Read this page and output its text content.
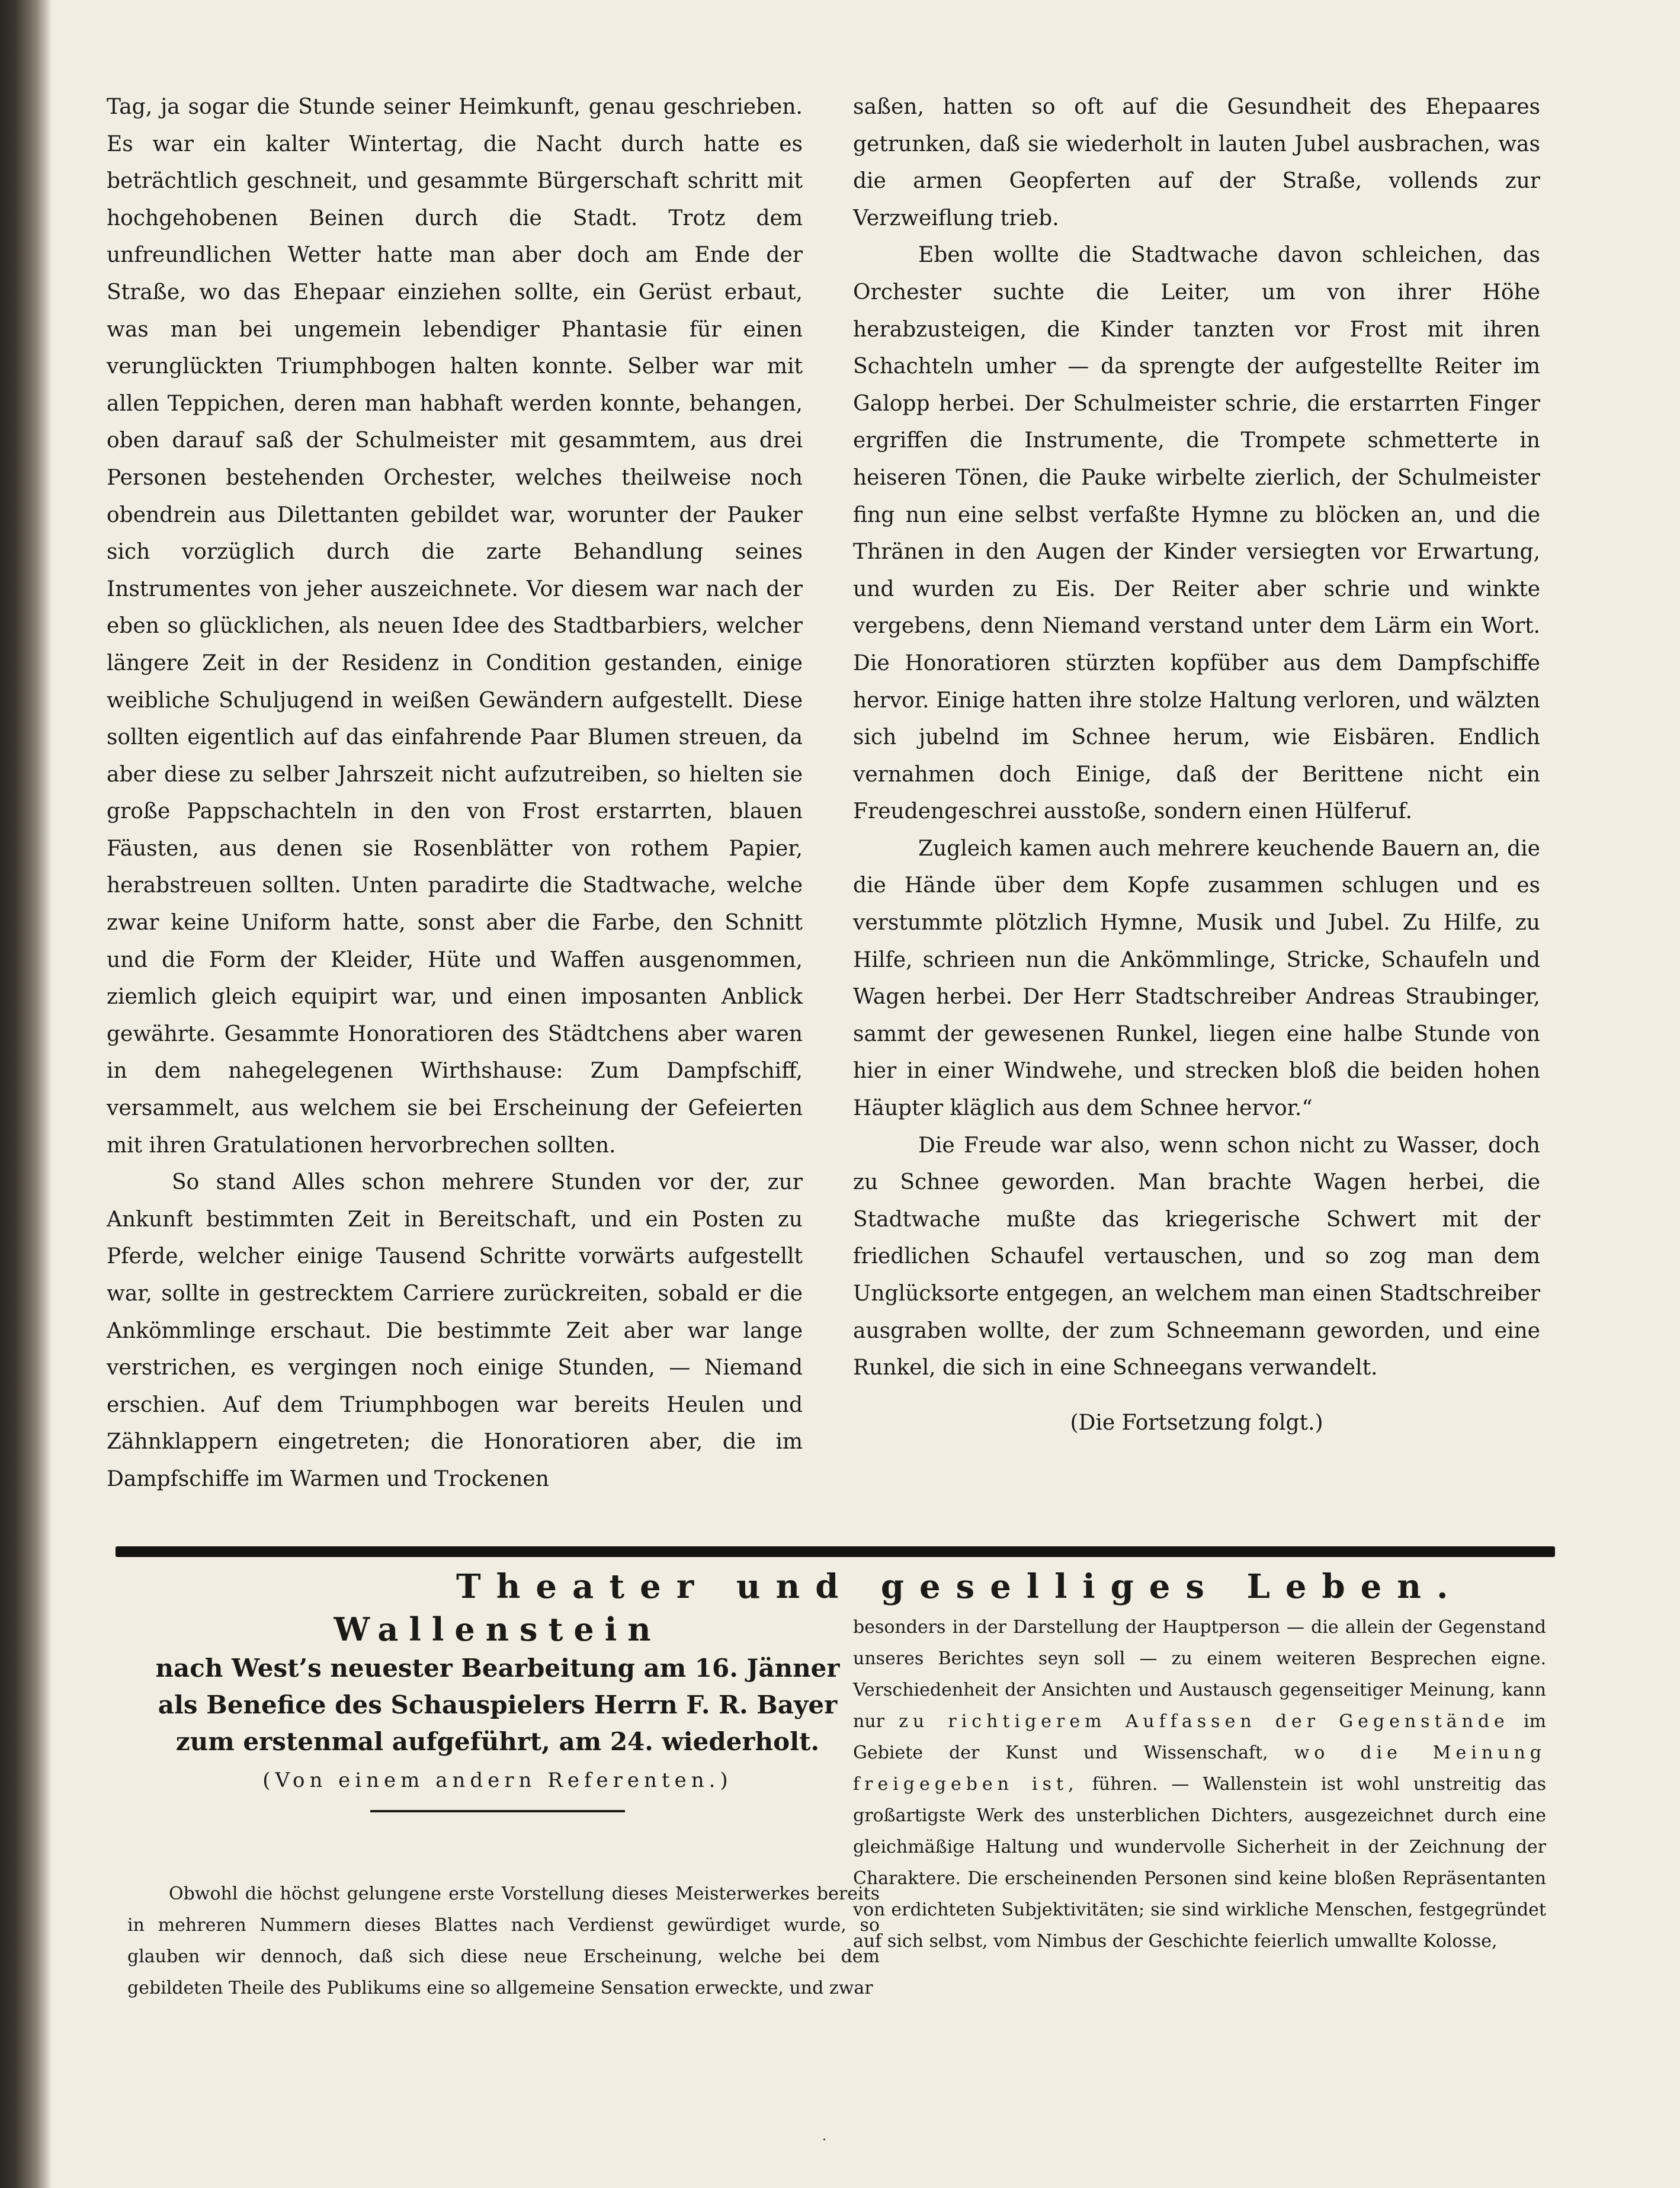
Tag, ja sogar die Stunde seiner Heimkunft, genau geschrieben. Es war ein kalter Wintertag, die Nacht durch hatte es beträchtlich geschneit, und gesammte Bürgerschaft schritt mit hochgehobenen Beinen durch die Stadt. Trotz dem unfreundlichen Wetter hatte man aber doch am Ende der Straße, wo das Ehepaar einziehen sollte, ein Gerüst erbaut, was man bei ungemein lebendiger Phantasie für einen verunglückten Triumphbogen halten konnte. Selber war mit allen Teppichen, deren man habhaft werden konnte, behangen, oben darauf saß der Schulmeister mit gesammtem, aus drei Personen bestehenden Orchester, welches theilweise noch obendrein aus Dilettanten gebildet war, worunter der Pauker sich vorzüglich durch die zarte Behandlung seines Instrumentes von jeher auszeichnete. Vor diesem war nach der eben so glücklichen, als neuen Idee des Stadtbarbiers, welcher längere Zeit in der Residenz in Condition gestanden, einige weibliche Schuljugend in weißen Gewändern aufgestellt. Diese sollten eigentlich auf das einfahrende Paar Blumen streuen, da aber diese zu selber Jahrszeit nicht aufzutreiben, so hielten sie große Pappschachteln in den von Frost erstarrten, blauen Fäusten, aus denen sie Rosenblätter von rothem Papier, herabstreuen sollten. Unten paradirte die Stadtwache, welche zwar keine Uniform hatte, sonst aber die Farbe, den Schnitt und die Form der Kleider, Hüte und Waffen ausgenommen, ziemlich gleich equipirt war, und einen imposanten Anblick gewährte. Gesammte Honoratioren des Städtchens aber waren in dem nahegelegenen Wirthshause: Zum Dampfschiff, versammelt, aus welchem sie bei Erscheinung der Gefeierten mit ihren Gratulationen hervorbrechen sollten.

So stand Alles schon mehrere Stunden vor der, zur Ankunft bestimmten Zeit in Bereitschaft, und ein Posten zu Pferde, welcher einige Tausend Schritte vorwärts aufgestellt war, sollte in gestrecktem Carriere zurückreiten, sobald er die Ankömmlinge erschaut. Die bestimmte Zeit aber war lange verstrichen, es vergingen noch einige Stunden, — Niemand erschien. Auf dem Triumphbogen war bereits Heulen und Zähnklappern eingetreten; die Honoratioren aber, die im Dampfschiffe im Warmen und Trockenen

saßen, hatten so oft auf die Gesundheit des Ehepaares getrunken, daß sie wiederholt in lauten Jubel ausbrachen, was die armen Geopferten auf der Straße, vollends zur Verzweiflung trieb.

Eben wollte die Stadtwache davon schleichen, das Orchester suchte die Leiter, um von ihrer Höhe herabzusteigen, die Kinder tanzten vor Frost mit ihren Schachteln umher — da sprengte der aufgestellte Reiter im Galopp herbei. Der Schulmeister schrie, die erstarrten Finger ergriffen die Instrumente, die Trompete schmetterte in heiseren Tönen, die Pauke wirbelte zierlich, der Schulmeister fing nun eine selbst verfaßte Hymne zu blöcken an, und die Thränen in den Augen der Kinder versiegten vor Erwartung, und wurden zu Eis. Der Reiter aber schrie und winkte vergebens, denn Niemand verstand unter dem Lärm ein Wort. Die Honoratioren stürzten kopfüber aus dem Dampfschiffe hervor. Einige hatten ihre stolze Haltung verloren, und wälzten sich jubelnd im Schnee herum, wie Eisbären. Endlich vernahmen doch Einige, daß der Berittene nicht ein Freudengeschrei ausstoße, sondern einen Hülferuf.

Zugleich kamen auch mehrere keuchende Bauern an, die die Hände über dem Kopfe zusammen schlugen und es verstummte plötzlich Hymne, Musik und Jubel. Zu Hilfe, zu Hilfe, schrieen nun die Ankömmlinge, Stricke, Schaufeln und Wagen herbei. Der Herr Stadtschreiber Andreas Straubinger, sammt der gewesenen Runkel, liegen eine halbe Stunde von hier in einer Windwehe, und strecken bloß die beiden hohen Häupter kläglich aus dem Schnee hervor.“

Die Freude war also, wenn schon nicht zu Wasser, doch zu Schnee geworden. Man brachte Wagen herbei, die Stadtwache mußte das kriegerische Schwert mit der friedlichen Schaufel vertauschen, und so zog man dem Unglücksorte entgegen, an welchem man einen Stadtschreiber ausgraben wollte, der zum Schneemann geworden, und eine Runkel, die sich in eine Schneegans verwandelt.

(Die Fortsetzung folgt.)
Theater und geselliges Leben.
Wallenstein
nach West’s neuester Bearbeitung am 16. Jänner
als Benefice des Schauspielers Herrn F. R. Bayer
zum erstenmal aufgeführt, am 24. wiederholt.
(Von einem andern Referenten.)

Obwohl die höchst gelungene erste Vorstellung dieses Meisterwerkes bereits in mehreren Nummern dieses Blattes nach Verdienst gewürdiget wurde, so glauben wir dennoch, daß sich diese neue Erscheinung, welche bei dem gebildeten Theile des Publikums eine so allgemeine Sensation erweckte, und zwar

besonders in der Darstellung der Hauptperson — die allein der Gegenstand unseres Berichtes seyn soll — zu einem weiteren Besprechen eigne. Verschiedenheit der Ansichten und Austausch gegenseitiger Meinung, kann nur zu richtigerem Auffassen der Gegenstände im Gebiete der Kunst und Wissenschaft, wo die Meinung freigegeben ist, führen. — Wallenstein ist wohl unstreitig das großartigste Werk des unsterblichen Dichters, ausgezeichnet durch eine gleichmäßige Haltung und wundervolle Sicherheit in der Zeichnung der Charaktere. Die erscheinenden Personen sind keine bloßen Repräsentanten von erdichteten Subjektivitäten; sie sind wirkliche Menschen, festgegründet auf sich selbst, vom Nimbus der Geschichte feierlich umwallte Kolosse,

·
